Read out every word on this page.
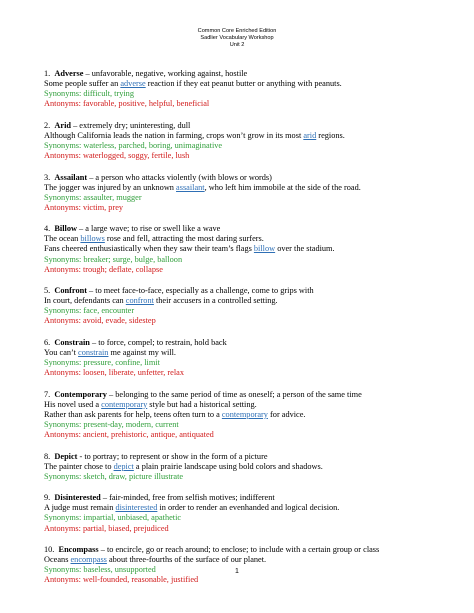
Common Core Enriched Edition
Sadlier Vocabulary Workshop
Unit 2
1. Adverse – unfavorable, negative, working against, hostile
Some people suffer an adverse reaction if they eat peanut butter or anything with peanuts.
Synonyms: difficult, trying
Antonyms: favorable, positive, helpful, beneficial
2. Arid – extremely dry; uninteresting, dull
Although California leads the nation in farming, crops won’t grow in its most arid regions.
Synonyms: waterless, parched, boring, unimaginative
Antonyms: waterlogged, soggy, fertile, lush
3. Assailant – a person who attacks violently (with blows or words)
The jogger was injured by an unknown assailant, who left him immobile at the side of the road.
Synonyms: assaulter, mugger
Antonyms: victim, prey
4. Billow – a large wave; to rise or swell like a wave
The ocean billows rose and fell, attracting the most daring surfers.
Fans cheered enthusiastically when they saw their team’s flags billow over the stadium.
Synonyms: breaker; surge, bulge, balloon
Antonyms: trough; deflate, collapse
5. Confront – to meet face-to-face, especially as a challenge, come to grips with
In court, defendants can confront their accusers in a controlled setting.
Synonyms: face, encounter
Antonyms: avoid, evade, sidestep
6. Constrain – to force, compel; to restrain, hold back
You can’t constrain me against my will.
Synonyms: pressure, confine, limit
Antonyms: loosen, liberate, unfetter, relax
7. Contemporary – belonging to the same period of time as oneself; a person of the same time
His novel used a contemporary style but had a historical setting.
Rather than ask parents for help, teens often turn to a contemporary for advice.
Synonyms: present-day, modern, current
Antonyms: ancient, prehistoric, antique, antiquated
8. Depict - to portray; to represent or show in the form of a picture
The painter chose to depict a plain prairie landscape using bold colors and shadows.
Synonyms: sketch, draw, picture illustrate
9. Disinterested – fair-minded, free from selfish motives; indifferent
A judge must remain disinterested in order to render an evenhanded and logical decision.
Synonyms: impartial, unbiased, apathetic
Antonyms: partial, biased, prejudiced
10. Encompass – to encircle, go or reach around; to enclose; to include with a certain group or class
Oceans encompass about three-fourths of the surface of our planet.
Synonyms: baseless, unsupported
Antonyms: well-founded, reasonable, justified
1
